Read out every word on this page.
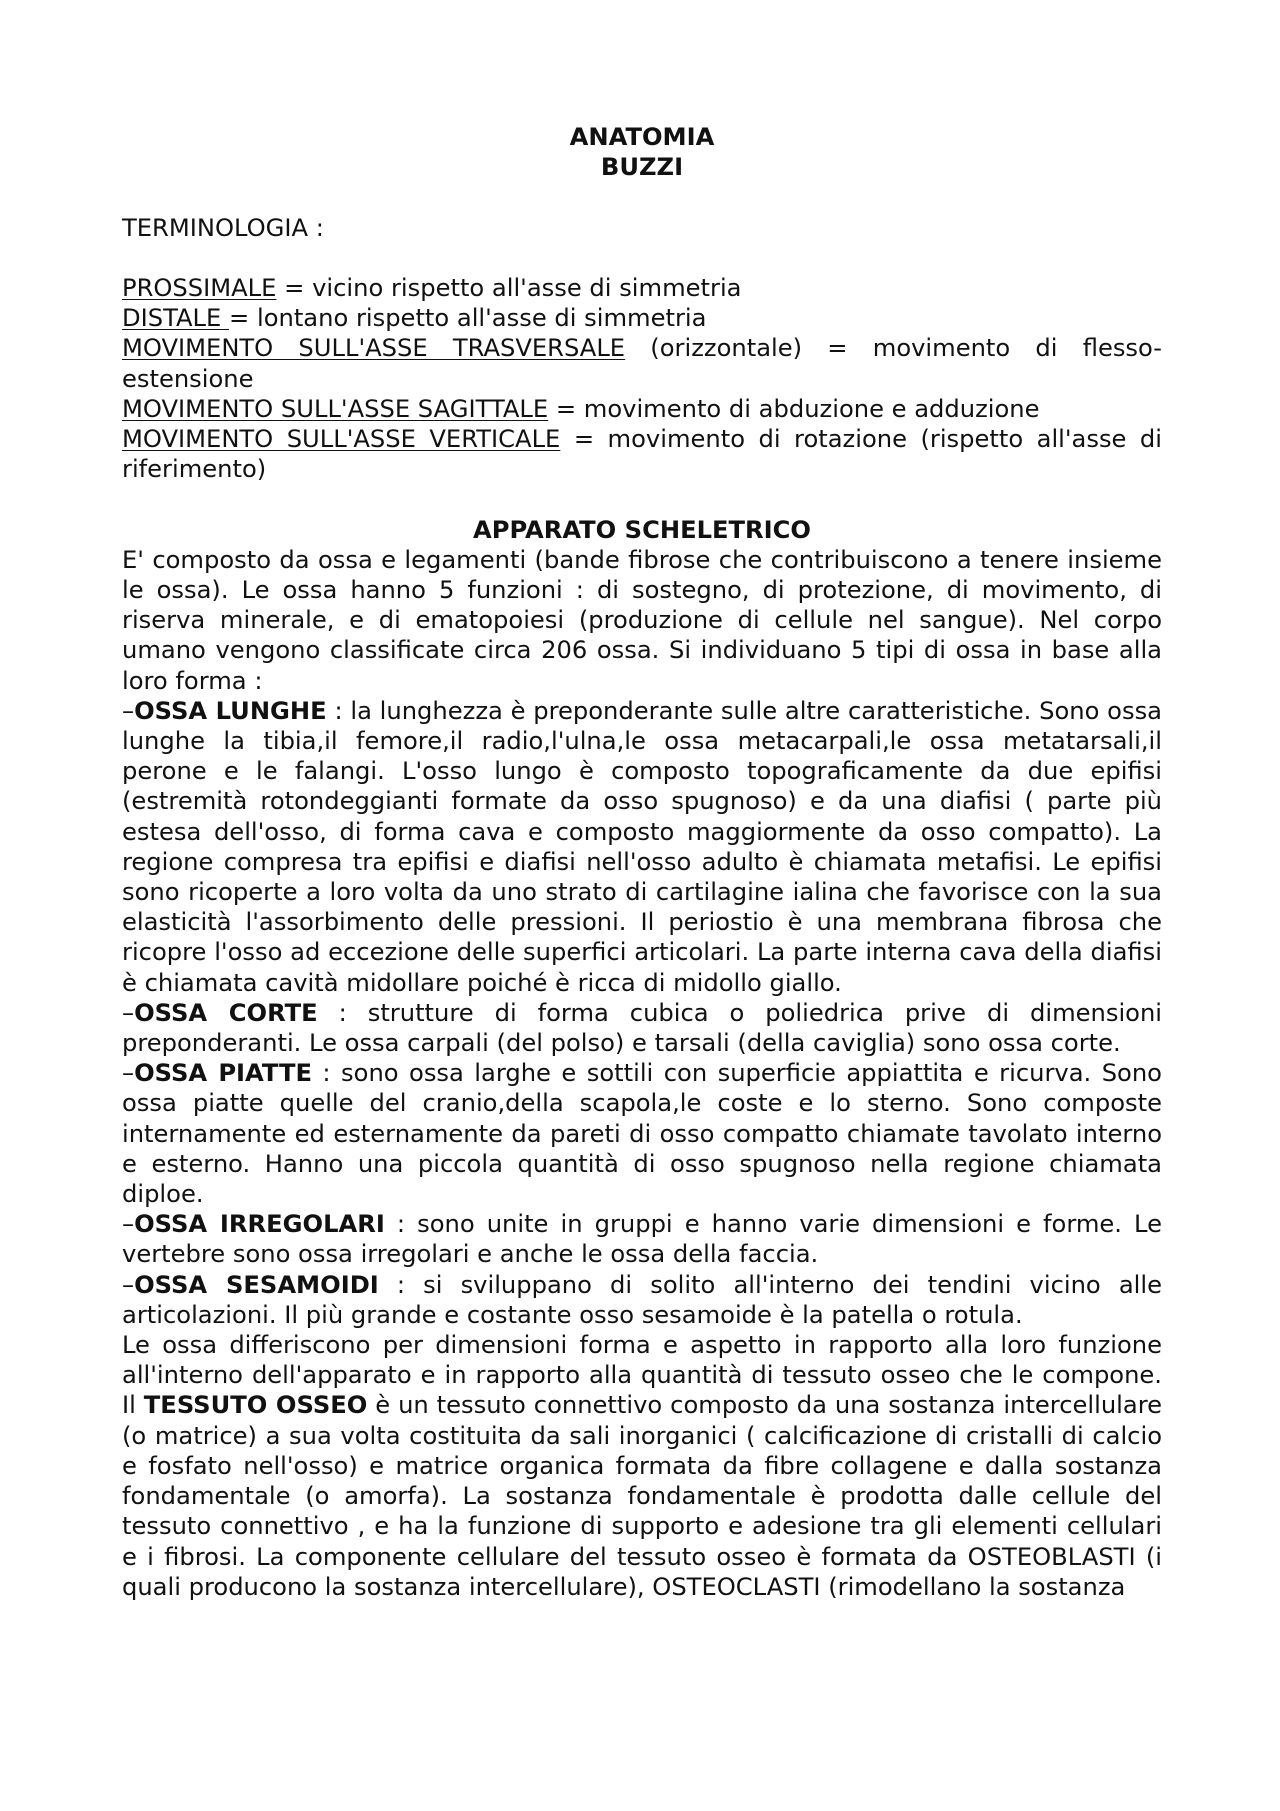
ANATOMIA

BUZZI

TERMINOLOGIA :

PROSSIMALE = vicino rispetto all'asse di simmetria

DISTALE = lontano rispetto all'asse di simmetria

MOVIMENTO SULL'ASSE TRASVERSALE (orizzontale) = movimento di flesso-estensione

MOVIMENTO SULL'ASSE SAGITTALE = movimento di abduzione e adduzione

MOVIMENTO SULL'ASSE VERTICALE = movimento di rotazione (rispetto all'asse di riferimento)

APPARATO SCHELETRICO

E' composto da ossa e legamenti (bande fibrose che contribuiscono a tenere insieme le ossa). Le ossa hanno 5 funzioni : di sostegno, di protezione, di movimento, di riserva minerale, e di ematopoiesi (produzione di cellule nel sangue). Nel corpo umano vengono classificate circa 206 ossa. Si individuano 5 tipi di ossa in base alla loro forma :

–OSSA LUNGHE : la lunghezza è preponderante sulle altre caratteristiche. Sono ossa lunghe la tibia,il femore,il radio,l'ulna,le ossa metacarpali,le ossa metatarsali,il perone e le falangi. L'osso lungo è composto topograficamente da due epifisi (estremità rotondeggianti formate da osso spugnoso) e da una diafisi ( parte più estesa dell'osso, di forma cava e composto maggiormente da osso compatto). La regione compresa tra epifisi e diafisi nell'osso adulto è chiamata metafisi. Le epifisi sono ricoperte a loro volta da uno strato di cartilagine ialina che favorisce con la sua elasticità l'assorbimento delle pressioni. Il periostio è una membrana fibrosa che ricopre l'osso ad eccezione delle superfici articolari. La parte interna cava della diafisi è chiamata cavità midollare poiché è ricca di midollo giallo.

–OSSA CORTE : strutture di forma cubica o poliedrica prive di dimensioni preponderanti. Le ossa carpali (del polso) e tarsali (della caviglia) sono ossa corte.

–OSSA PIATTE : sono ossa larghe e sottili con superficie appiattita e ricurva. Sono ossa piatte quelle del cranio,della scapola,le coste e lo sterno. Sono composte internamente ed esternamente da pareti di osso compatto chiamate tavolato interno e esterno. Hanno una piccola quantità di osso spugnoso nella regione chiamata diploe.

–OSSA IRREGOLARI : sono unite in gruppi e hanno varie dimensioni e forme. Le vertebre sono ossa irregolari e anche le ossa della faccia.

–OSSA SESAMOIDI : si sviluppano di solito all'interno dei tendini vicino alle articolazioni. Il più grande e costante osso sesamoide è la patella o rotula.

Le ossa differiscono per dimensioni forma e aspetto in rapporto alla loro funzione all'interno dell'apparato e in rapporto alla quantità di tessuto osseo che le compone. Il TESSUTO OSSEO è un tessuto connettivo composto da una sostanza intercellulare (o matrice) a sua volta costituita da sali inorganici ( calcificazione di cristalli di calcio e fosfato nell'osso) e matrice organica formata da fibre collagene e dalla sostanza fondamentale (o amorfa). La sostanza fondamentale è prodotta dalle cellule del tessuto connettivo , e ha la funzione di supporto e adesione tra gli elementi cellulari e i fibrosi. La componente cellulare del tessuto osseo è formata da OSTEOBLASTI (i quali producono la sostanza intercellulare), OSTEOCLASTI (rimodellano la sostanza
